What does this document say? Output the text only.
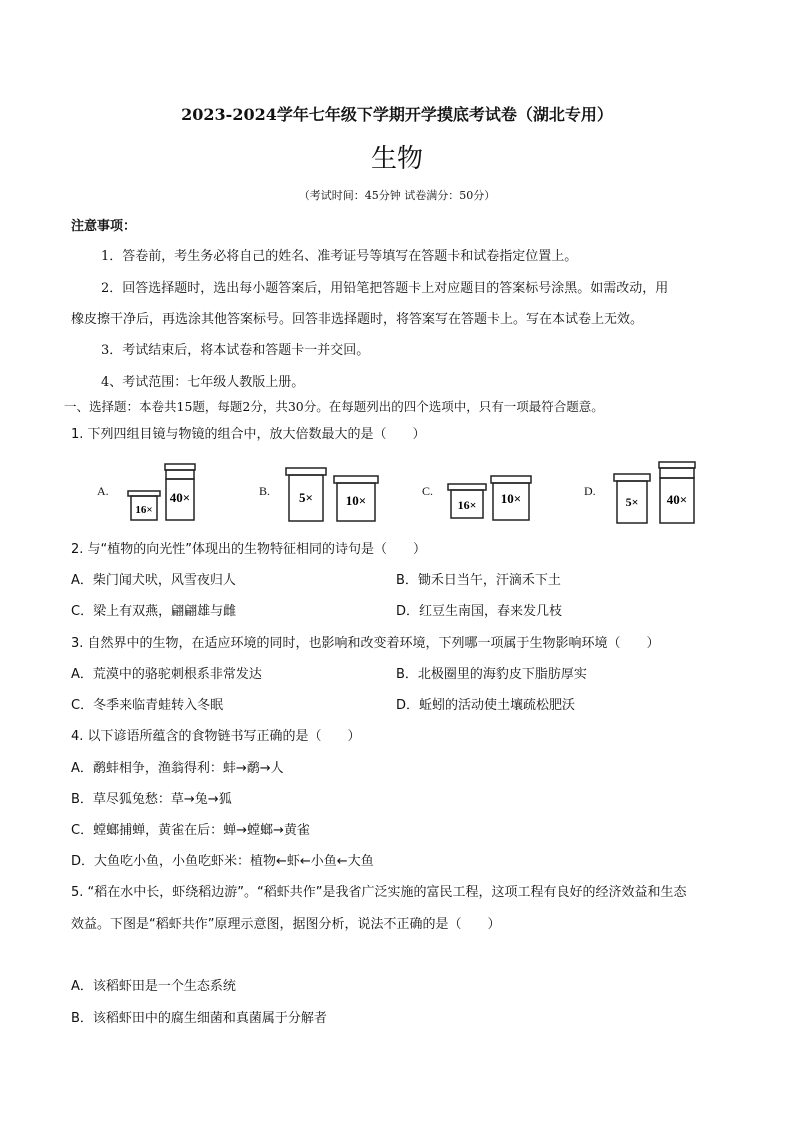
2023-2024学年七年级下学期开学摸底考试卷（湖北专用）
生物
（考试时间：45分钟 试卷满分：50分）
注意事项：
1．答卷前，考生务必将自己的姓名、准考证号等填写在答题卡和试卷指定位置上。
2．回答选择题时，选出每小题答案后，用铅笔把答题卡上对应题目的答案标号涂黑。如需改动，用
橡皮擦干净后，再选涂其他答案标号。回答非选择题时，将答案写在答题卡上。写在本试卷上无效。
3．考试结束后，将本试卷和答题卡一并交回。
4、考试范围：七年级人教版上册。
一、选择题：本卷共15题，每题2分，共30分。在每题列出的四个选项中，只有一项最符合题意。
1. 下列四组目镜与物镜的组合中，放大倍数最大的是（　　）
A.
16×
40×	B. 5×	10×
C.
16× 10×	D.
5× 40×
2. 与“植物的向光性”体现出的生物特征相同的诗句是（　　）
A．柴门闻犬吠，风雪夜归人	B．锄禾日当午，汗滴禾下土
C．梁上有双燕，翩翩雄与雌	D．红豆生南国，春来发几枝
3. 自然界中的生物，在适应环境的同时，也影响和改变着环境，下列哪一项属于生物影响环境（　　）
A．荒漠中的骆驼刺根系非常发达	B．北极圈里的海豹皮下脂肪厚实
C．冬季来临青蛙转入冬眠	D．蚯蚓的活动使土壤疏松肥沃
4. 以下谚语所蕴含的食物链书写正确的是（　　）
A．鹬蚌相争，渔翁得利：蚌→鹬→人
B．草尽狐兔愁：草→兔→狐
C．螳螂捕蝉，黄雀在后：蝉→螳螂→黄雀
D．大鱼吃小鱼，小鱼吃虾米：植物←虾←小鱼←大鱼
5. “稻在水中长，虾绕稻边游”。“稻虾共作”是我省广泛实施的富民工程，这项工程有良好的经济效益和生态
效益。下图是“稻虾共作”原理示意图，据图分析，说法不正确的是（　　）
A．该稻虾田是一个生态系统
B．该稻虾田中的腐生细菌和真菌属于分解者
